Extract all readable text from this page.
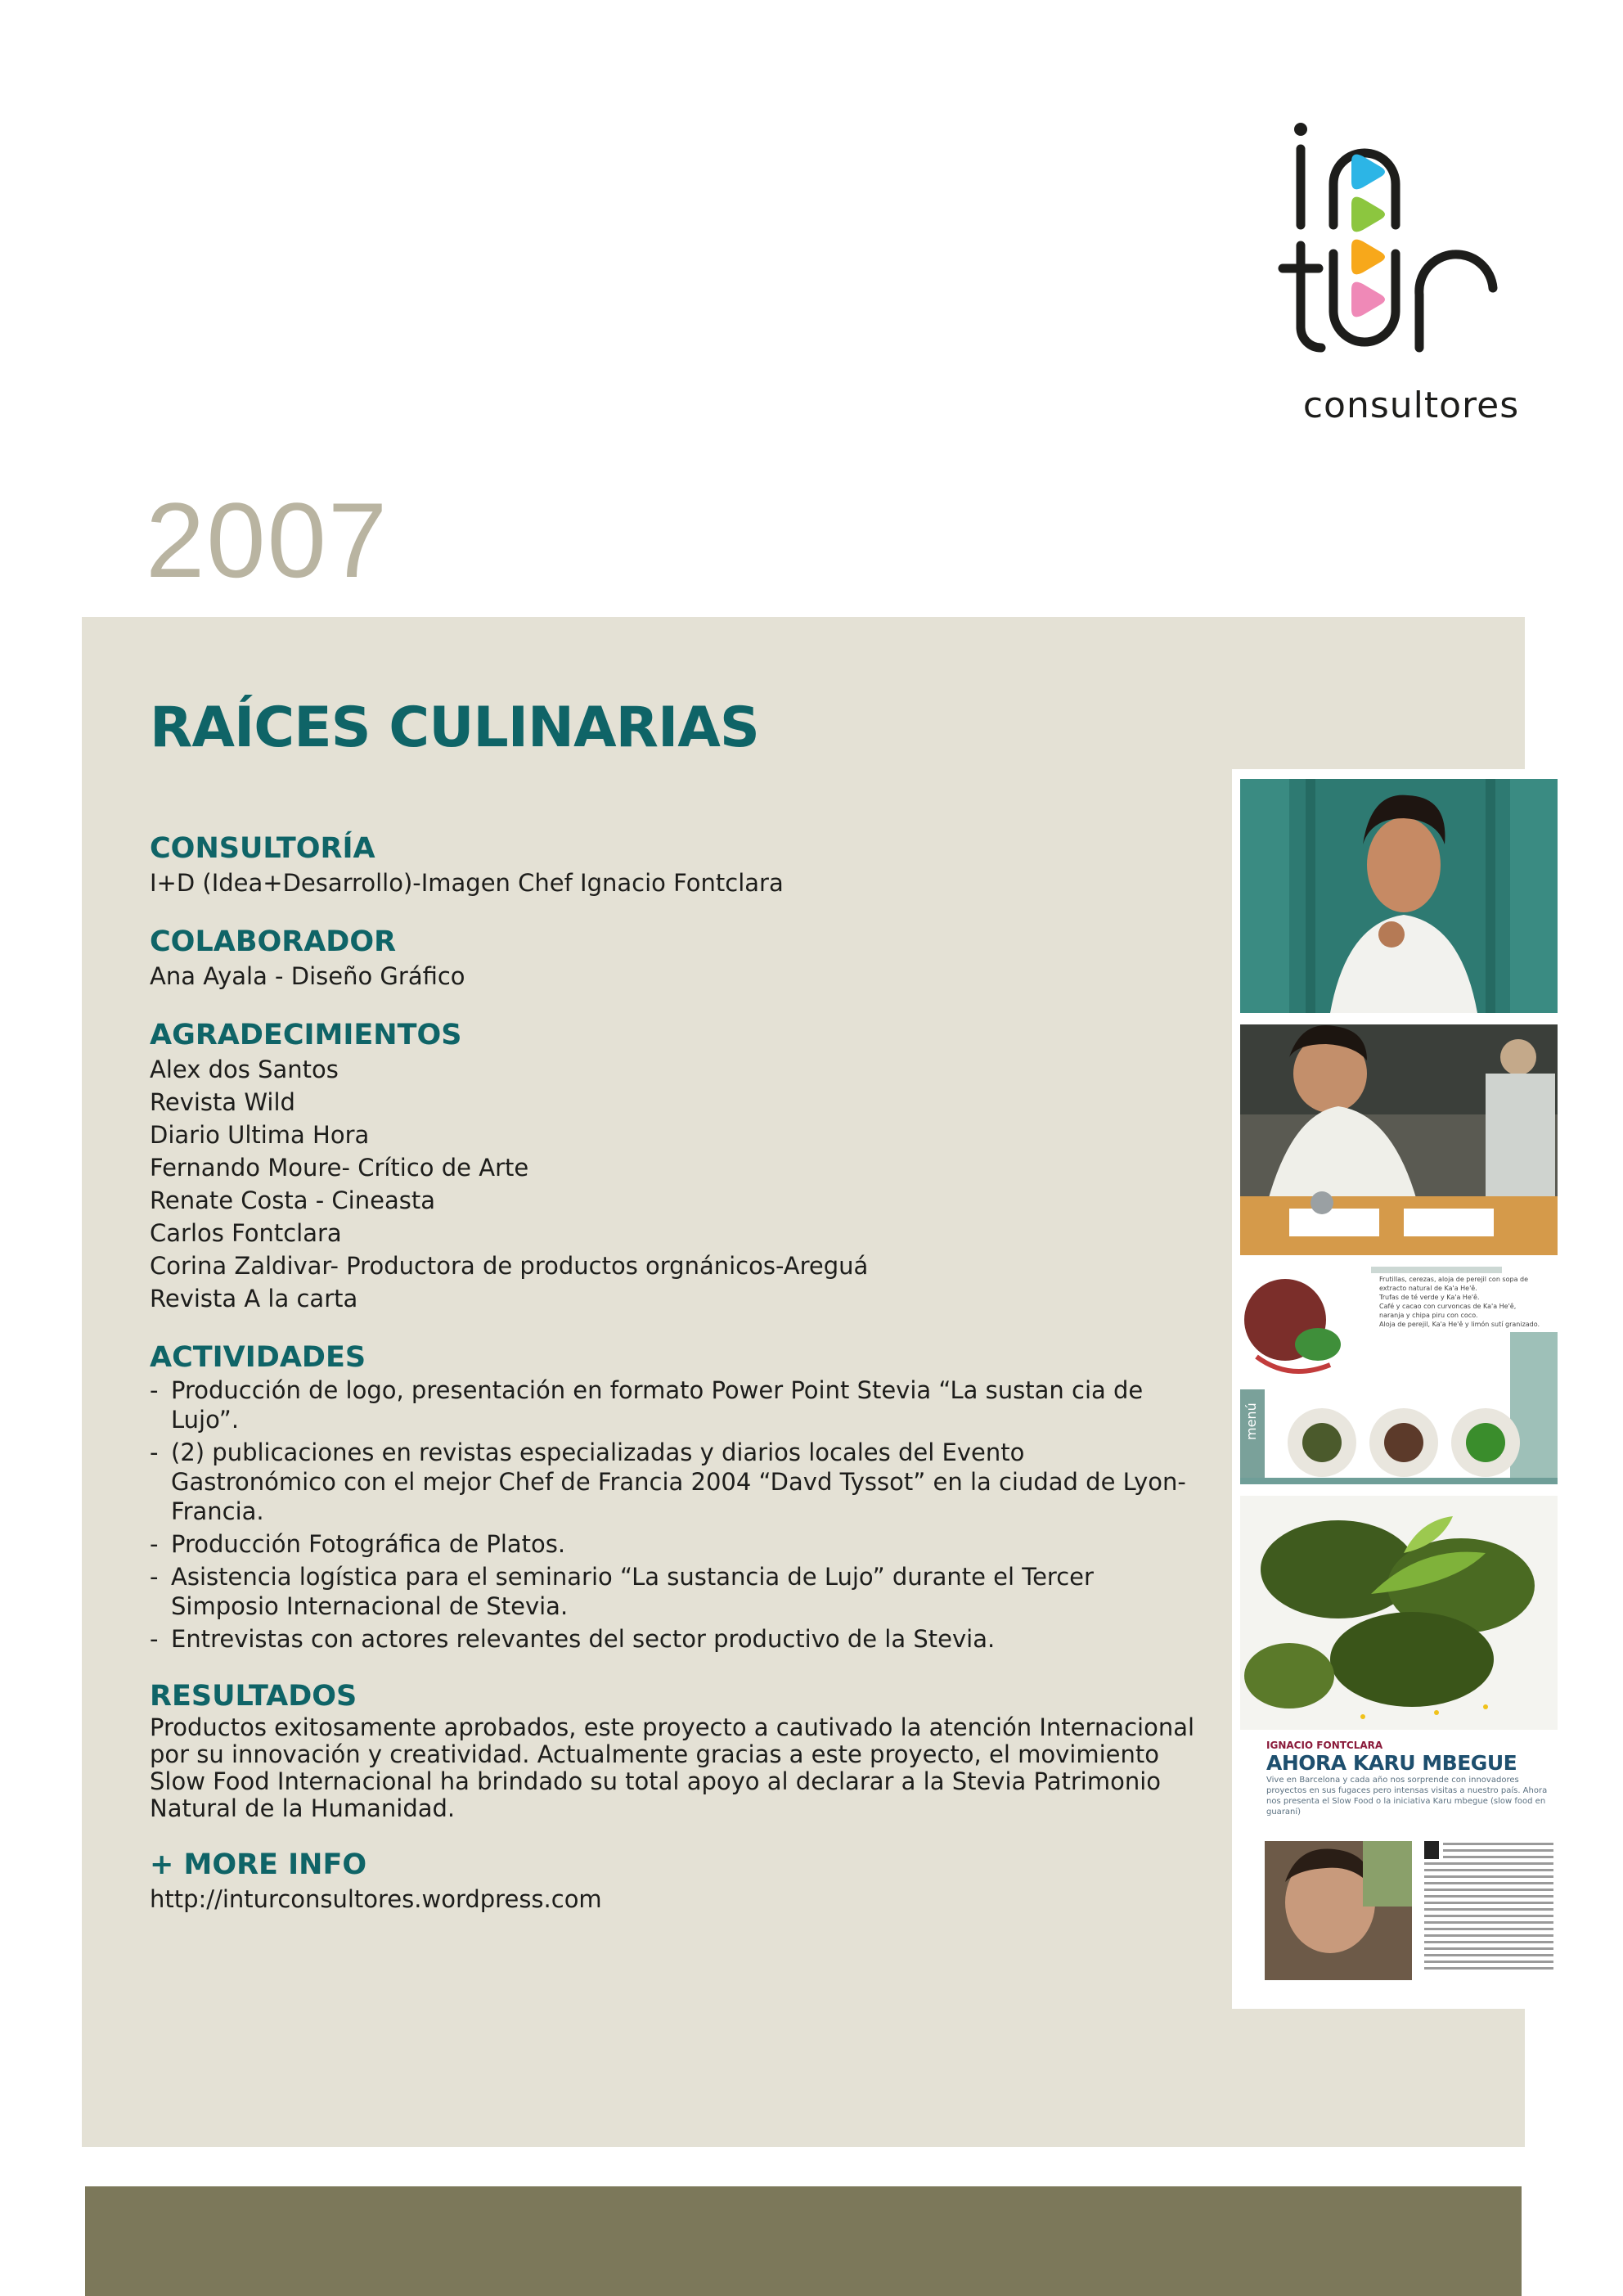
consultores
2007
RAÍCES CULINARIAS

CONSULTORÍA

I+D (Idea+Desarrollo)-Imagen Chef Ignacio Fontclara

COLABORADOR

Ana Ayala - Diseño Gráfico

AGRADECIMIENTOS

Alex dos Santos
Revista Wild
Diario Ultima Hora
Fernando Moure- Crítico de Arte
Renate Costa - Cineasta
Carlos Fontclara
Corina Zaldivar- Productora de productos orgnánicos-Areguá
Revista A la carta

ACTIVIDADES

- Producción de logo, presentación en formato Power Point Stevia “La sustan cia de Lujo”.
- (2) publicaciones en revistas especializadas y diarios locales del Evento Gastronómico con el mejor Chef de Francia 2004 “Davd Tyssot” en la ciudad de Lyon- Francia.
- Producción Fotográfica de Platos.
- Asistencia logística para el seminario “La sustancia de Lujo” durante el Tercer Simposio Internacional de Stevia.
- Entrevistas con actores relevantes del sector productivo de la Stevia.

RESULTADOS

Productos exitosamente aprobados, este proyecto a cautivado la atención Internacional por su innovación y creatividad. Actualmente gracias a este proyecto, el movimiento Slow Food Internacional ha brindado su total apoyo al declarar a la Stevia Patrimonio Natural de la Humanidad.

+ MORE INFO

http://inturconsultores.wordpress.com

Frutillas, cerezas, aloja de perejil con sopa de extracto natural de Ka'a He'ê.
Trufas de té verde y Ka'a He'ê.
Café y cacao con curvoncas de Ka'a He'ê, naranja y chipa piru con coco.
Aloja de perejil, Ka'a He'ê y limón sutí granizado.
menú
IGNACIO FONTCLARA
AHORA KARU MBEGUE
Vive en Barcelona y cada año nos sorprende con innovadores proyectos en sus fugaces pero intensas visitas a nuestro país. Ahora nos presenta el Slow Food o la iniciativa Karu mbegue (slow food en guaraní)
